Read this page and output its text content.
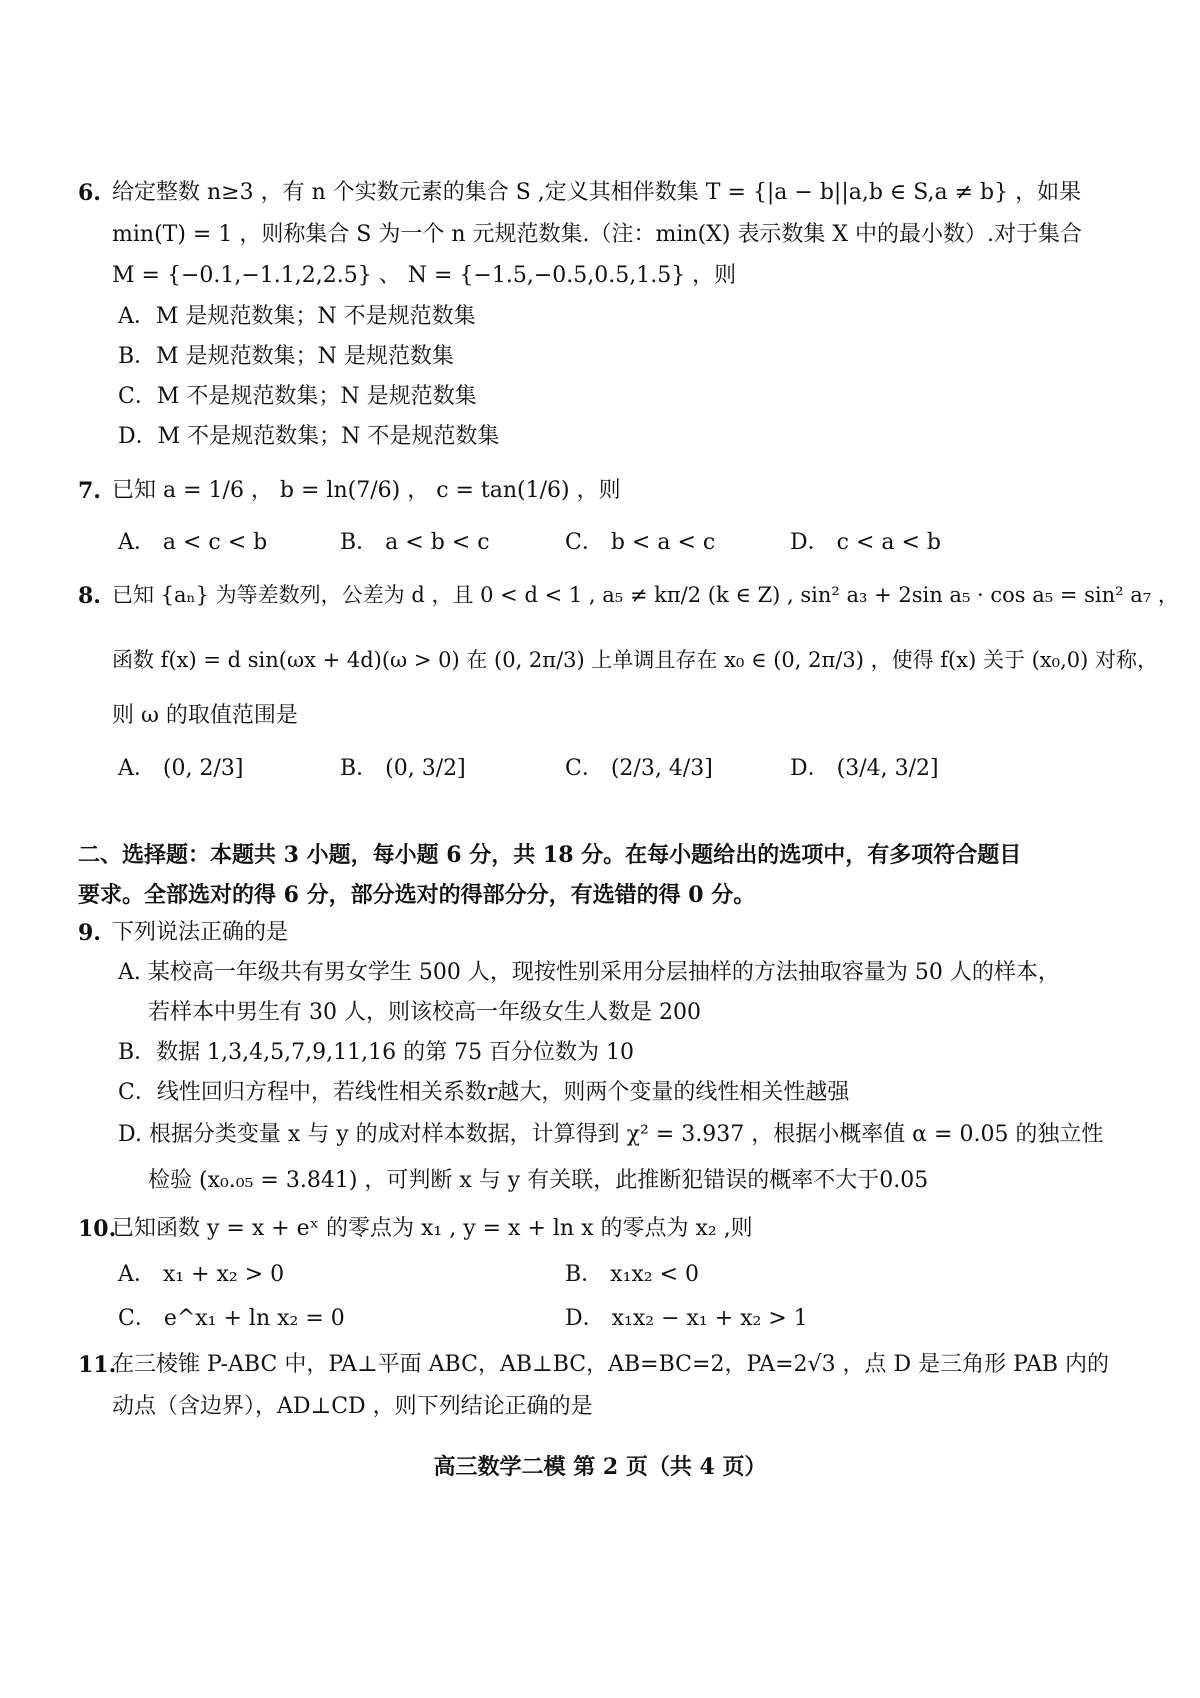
6. 给定整数 n≥3 ，有 n 个实数元素的集合 S ,定义其相伴数集 T = {|a − b||a,b ∈ S,a ≠ b} ，如果
min(T) = 1 ，则称集合 S 为一个 n 元规范数集.（注：min(X) 表示数集 X 中的最小数）.对于集合
M = {−0.1,−1.1,2,2.5} 、 N = {−1.5,−0.5,0.5,1.5} ，则
A．M 是规范数集；N 不是规范数集
B．M 是规范数集；N 是规范数集
C．M 不是规范数集；N 是规范数集
D．M 不是规范数集；N 不是规范数集
7. 已知 a = 1/6 ， b = ln(7/6) ， c = tan(1/6) ，则
A． a < c < b	B． a < b < c	C． b < a < c	D． c < a < b
8. 已知 {aₙ} 为等差数列，公差为 d ，且 0 < d < 1 , a₅ ≠ kπ/2 (k ∈ Z) , sin² a₃ + 2sin a₅ · cos a₅ = sin² a₇ ，
函数 f(x) = d sin(ωx + 4d)(ω > 0) 在 (0, 2π/3) 上单调且存在 x₀ ∈ (0, 2π/3) ，使得 f(x) 关于 (x₀,0) 对称，
则 ω 的取值范围是
A． (0, 2/3]	B． (0, 3/2]	C． (2/3, 4/3]	D． (3/4, 3/2]
二、选择题：本题共 3 小题，每小题 6 分，共 18 分。在每小题给出的选项中，有多项符合题目
要求。全部选对的得 6 分，部分选对的得部分分，有选错的得 0 分。
9. 下列说法正确的是
A. 某校高一年级共有男女学生 500 人，现按性别采用分层抽样的方法抽取容量为 50 人的样本，
若样本中男生有 30 人，则该校高一年级女生人数是 200
B．数据 1,3,4,5,7,9,11,16 的第 75 百分位数为 10
C．线性回归方程中，若线性相关系数r越大，则两个变量的线性相关性越强
D. 根据分类变量 x 与 y 的成对样本数据，计算得到 χ² = 3.937 ，根据小概率值 α = 0.05 的独立性
检验 (x₀.₀₅ = 3.841) ，可判断 x 与 y 有关联，此推断犯错误的概率不大于0.05
10.
已知函数 y = x + eˣ 的零点为 x₁ , y = x + ln x 的零点为 x₂ ,则
A． x₁ + x₂ > 0	B． x₁x₂ < 0
C． e^x₁ + ln x₂ = 0	D． x₁x₂ − x₁ + x₂ > 1
11.
在三棱锥 P-ABC 中，PA⊥平面 ABC，AB⊥BC，AB=BC=2，PA=2√3 ，点 D 是三角形 PAB 内的
动点（含边界），AD⊥CD ，则下列结论正确的是
高三数学二模 第 2 页（共 4 页）
